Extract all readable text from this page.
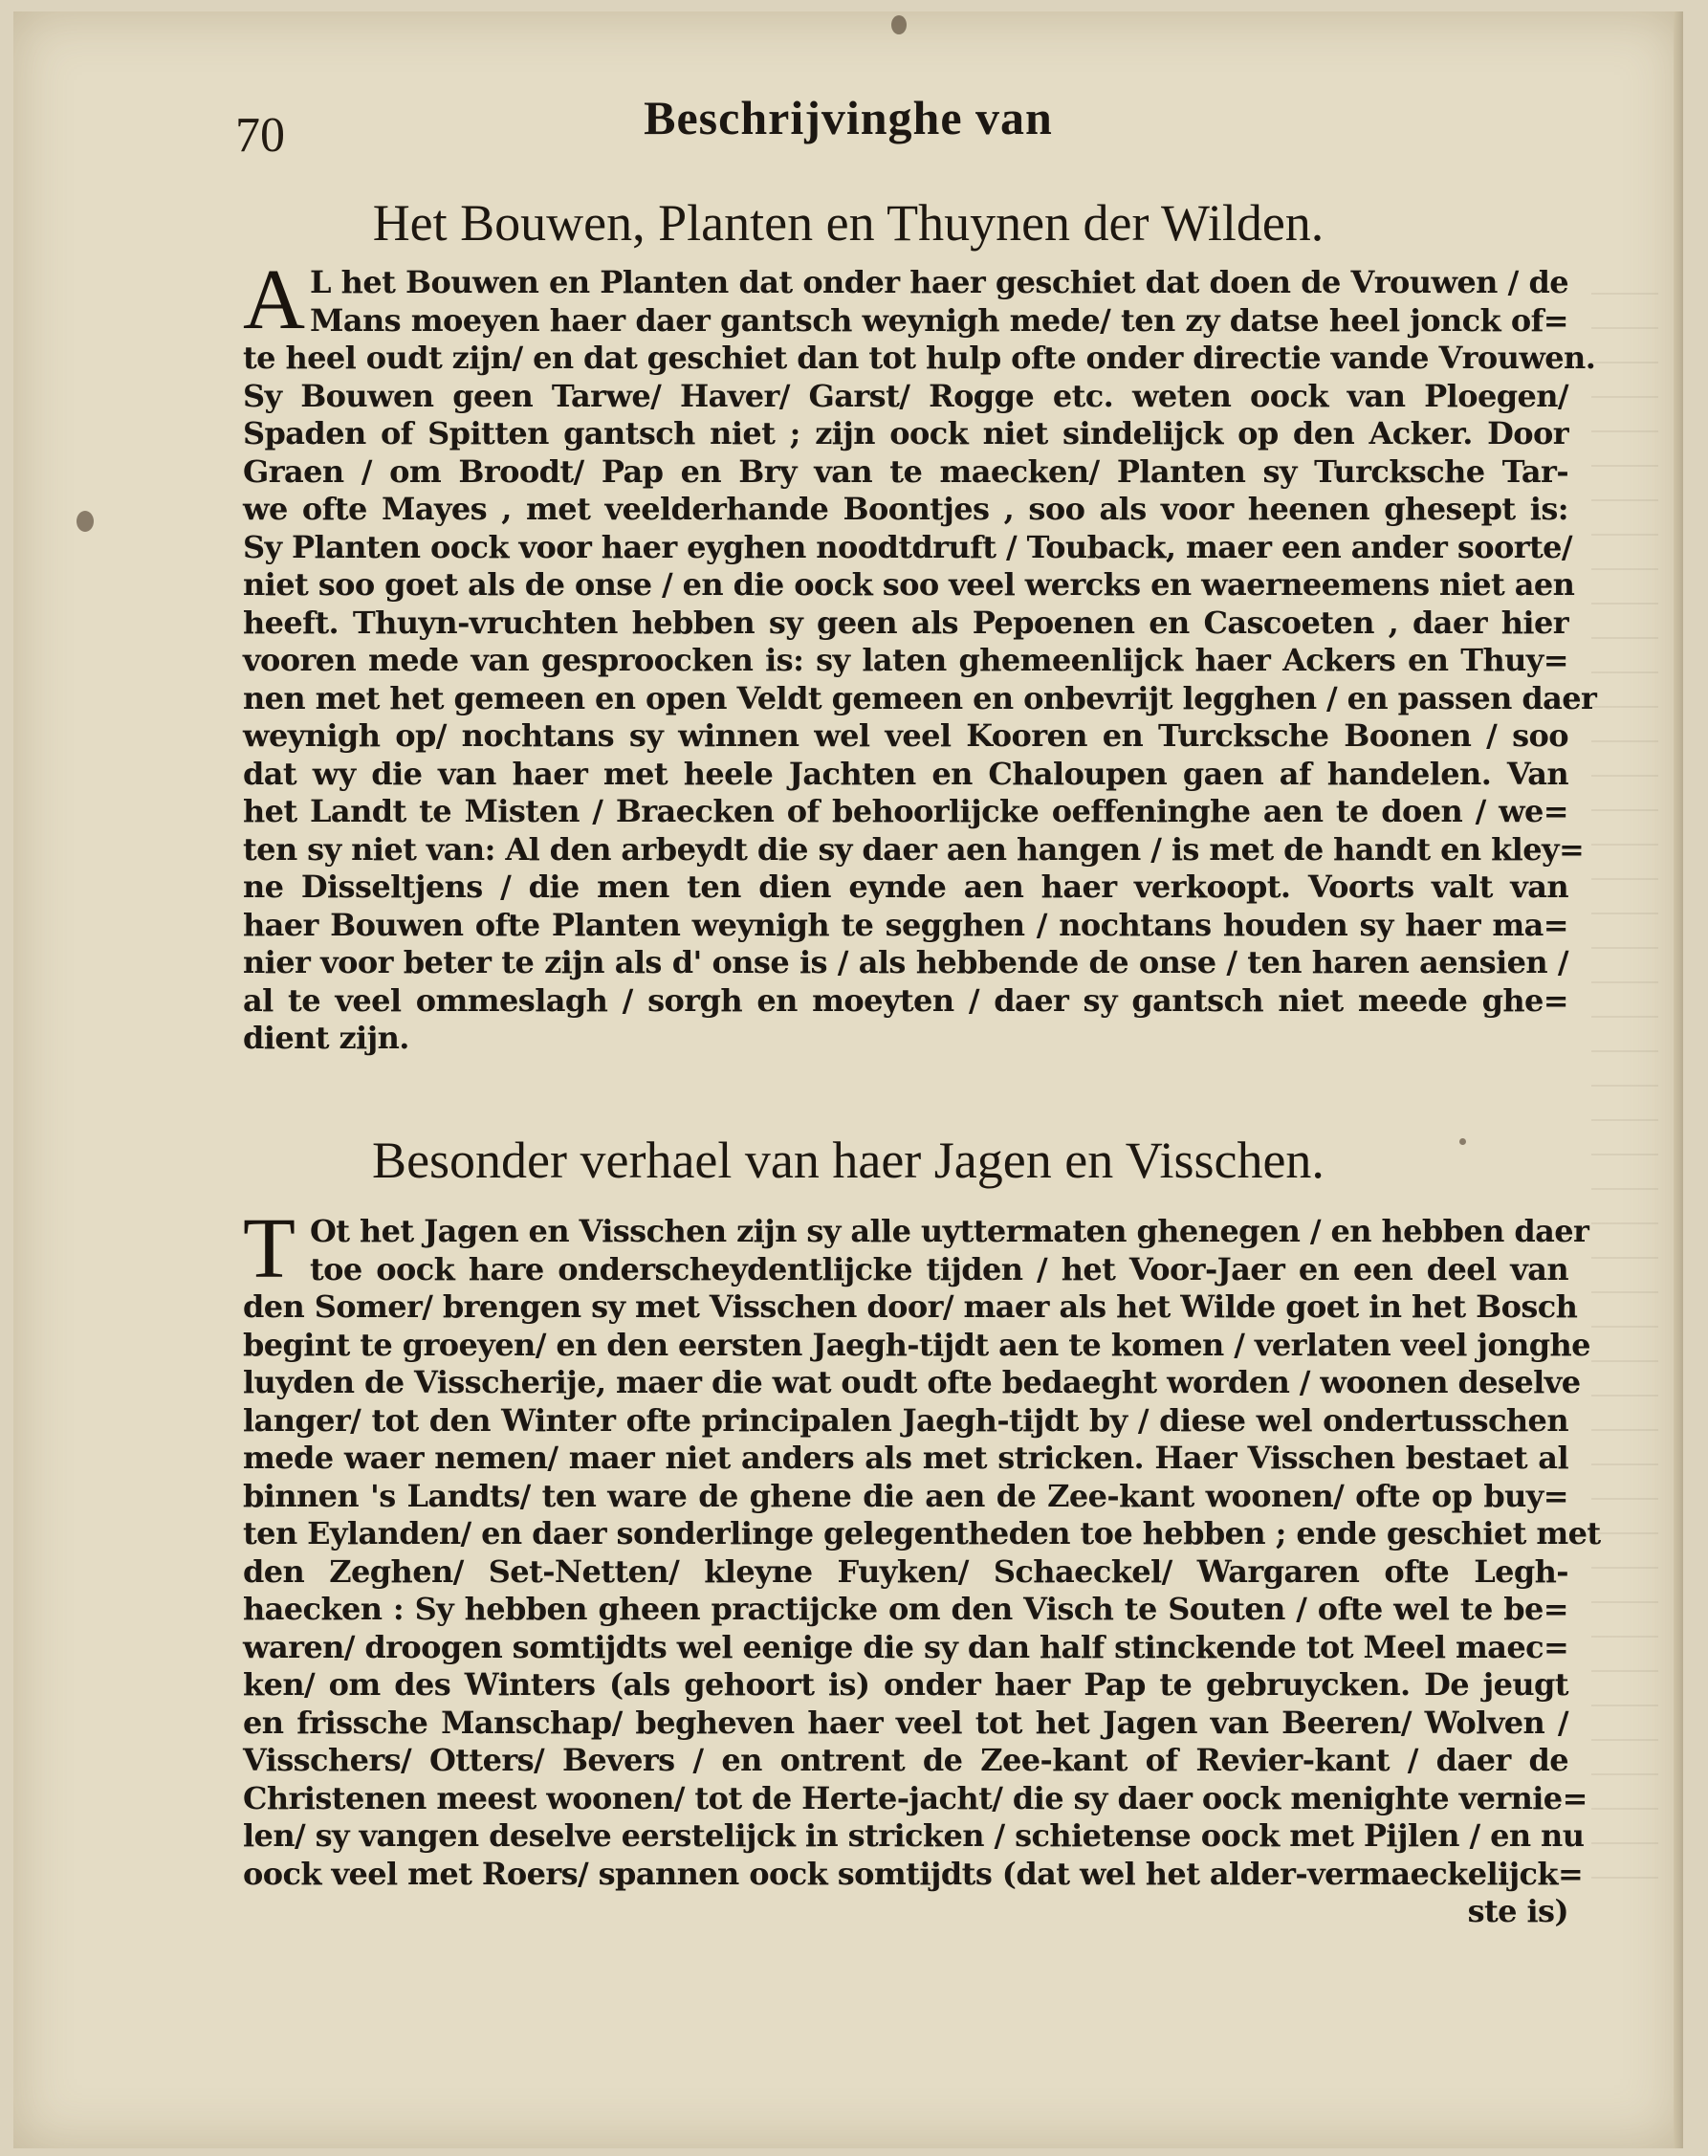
70	Beschrijvinghe van
Het Bouwen, Planten en Thuynen der Wilden.
A L het Bouwen en Planten dat onder haer geschiet dat doen de Vrouwen / de
Mans moeyen haer daer gantsch weynigh mede/ ten zy datse heel jonck of=
te heel oudt zijn/ en dat geschiet dan tot hulp ofte onder directie vande Vrouwen.
Sy Bouwen geen Tarwe/ Haver/ Garst/ Rogge etc. weten oock van Ploegen/
Spaden of Spitten gantsch niet ; zijn oock niet sindelijck op den Acker. Door
Graen / om Broodt/ Pap en Bry van te maecken/ Planten sy Turcksche Tar-
we ofte Mayes , met veelderhande Boontjes , soo als voor heenen ghesept is:
Sy Planten oock voor haer eyghen noodtdruft / Touback, maer een ander soorte/
niet soo goet als de onse / en die oock soo veel wercks en waerneemens niet aen
heeft. Thuyn-vruchten hebben sy geen als Pepoenen en Cascoeten , daer hier
vooren mede van gesproocken is: sy laten ghemeenlijck haer Ackers en Thuy=
nen met het gemeen en open Veldt gemeen en onbevrijt legghen / en passen daer
weynigh op/ nochtans sy winnen wel veel Kooren en Turcksche Boonen / soo
dat wy die van haer met heele Jachten en Chaloupen gaen af handelen. Van
het Landt te Misten / Braecken of behoorlijcke oeffeninghe aen te doen / we=
ten sy niet van: Al den arbeydt die sy daer aen hangen / is met de handt en kley=
ne Disseltjens / die men ten dien eynde aen haer verkoopt. Voorts valt van
haer Bouwen ofte Planten weynigh te segghen / nochtans houden sy haer ma=
nier voor beter te zijn als d' onse is / als hebbende de onse / ten haren aensien /
al te veel ommeslagh / sorgh en moeyten / daer sy gantsch niet meede ghe=
dient zijn.
Besonder verhael van haer Jagen en Visschen.
T Ot het Jagen en Visschen zijn sy alle uyttermaten ghenegen / en hebben daer
toe oock hare onderscheydentlijcke tijden / het Voor-Jaer en een deel van
den Somer/ brengen sy met Visschen door/ maer als het Wilde goet in het Bosch
begint te groeyen/ en den eersten Jaegh-tijdt aen te komen / verlaten veel jonghe
luyden de Visscherije, maer die wat oudt ofte bedaeght worden / woonen deselve
langer/ tot den Winter ofte principalen Jaegh-tijdt by / diese wel ondertusschen
mede waer nemen/ maer niet anders als met stricken. Haer Visschen bestaet al
binnen 's Landts/ ten ware de ghene die aen de Zee-kant woonen/ ofte op buy=
ten Eylanden/ en daer sonderlinge gelegentheden toe hebben ; ende geschiet met
den Zeghen/ Set-Netten/ kleyne Fuyken/ Schaeckel/ Wargaren ofte Legh-
haecken : Sy hebben gheen practijcke om den Visch te Souten / ofte wel te be=
waren/ droogen somtijdts wel eenige die sy dan half stinckende tot Meel maec=
ken/ om des Winters (als gehoort is) onder haer Pap te gebruycken. De jeugt
en frissche Manschap/ begheven haer veel tot het Jagen van Beeren/ Wolven /
Visschers/ Otters/ Bevers / en ontrent de Zee-kant of Revier-kant / daer de
Christenen meest woonen/ tot de Herte-jacht/ die sy daer oock menighte vernie=
len/ sy vangen deselve eerstelijck in stricken / schietense oock met Pijlen / en nu
oock veel met Roers/ spannen oock somtijdts (dat wel het alder-vermaeckelijck=
ste is)
